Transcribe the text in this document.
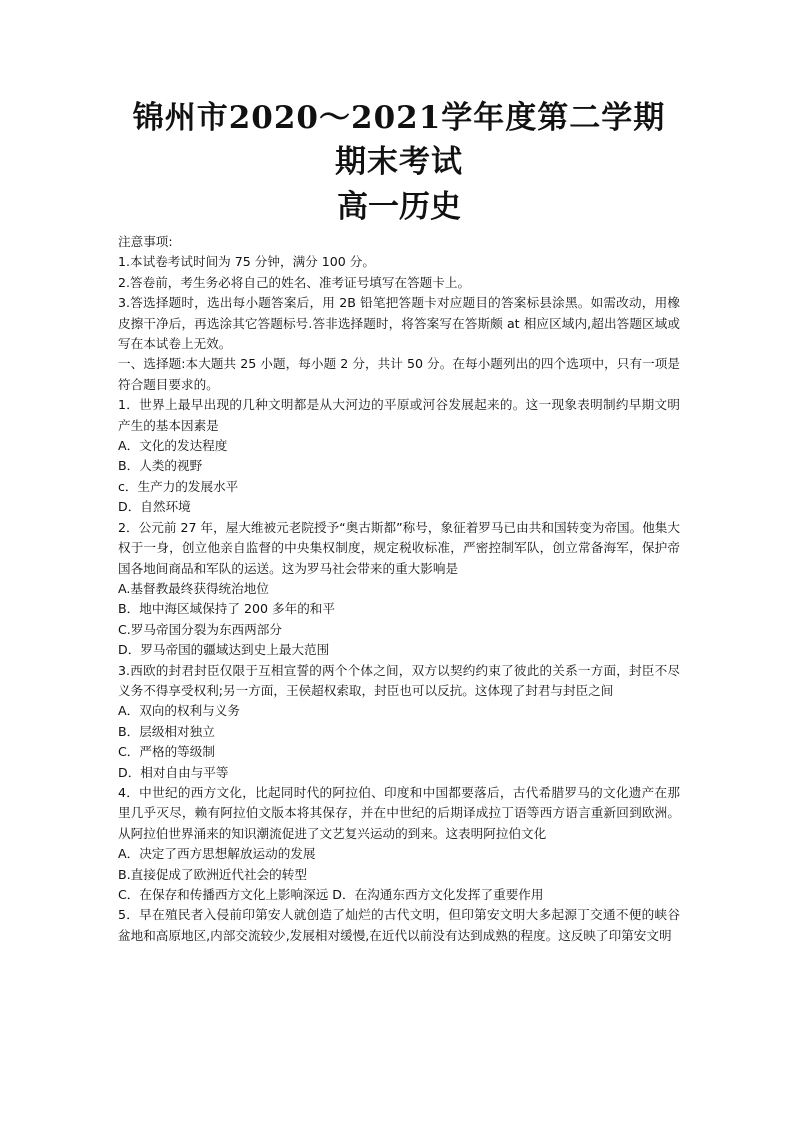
锦州市2020～2021学年度第二学期期末考试
高一历史

注意事项:

1.本试卷考试时间为 75 分钟，满分 100 分。

2.答卷前，考生务必将自己的姓名、准考证号填写在答题卡上。

3.答选择题时，选出每小题答案后，用 2B 铅笔把答题卡对应题目的答案标县涂黑。如需改动，用橡皮擦干净后，再选涂其它答题标号.答非选择题时，将答案写在答斯颇 at 相应区域内,超出答题区域或写在本试卷上无效。

一、选择题:本大题共 25 小题，每小题 2 分，共计 50 分。在每小题列出的四个选项中，只有一项是符合题目要求的。

1．世界上最早出现的几种文明都是从大河边的平原或河谷发展起来的。这一现象表明制约早期文明产生的基本因素是

A．文化的发达程度

B．人类的视野

c．生产力的发展水平

D．自然环境

2．公元前 27 年，屋大维被元老院授予“奥古斯都”称号，象征着罗马已由共和国转变为帝国。他集大权于一身，创立他亲自监督的中央集权制度，规定税收标准，严密控制军队，创立常备海军，保护帝国各地间商品和军队的运送。这为罗马社会带来的重大影响是

A.基督教最终获得统治地位

B．地中海区域保持了 200 多年的和平

C.罗马帝国分裂为东西两部分

D．罗马帝国的疆域达到史上最大范围

3.西欧的封君封臣仅限于互相宣誓的两个个体之间，双方以契约约束了彼此的关系一方面，封臣不尽义务不得享受权利;另一方面，王侯超权索取，封臣也可以反抗。这体现了封君与封臣之间

A．双向的权利与义务

B．层级相对独立

C．严格的等级制

D．相对自由与平等

4．中世纪的西方文化，比起同时代的阿拉伯、印度和中国都要落后，古代希腊罗马的文化遗产在那里几乎灭尽，赖有阿拉伯文版本将其保存，并在中世纪的后期译成拉丁语等西方语言重新回到欧洲。从阿拉伯世界涌来的知识潮流促进了文艺复兴运动的到来。这表明阿拉伯文化

A．决定了西方思想解放运动的发展

B.直接促成了欧洲近代社会的转型

C．在保存和传播西方文化上影响深远 D．在沟通东西方文化发挥了重要作用

5．早在殖民者入侵前印第安人就创造了灿烂的古代文明，但印第安文明大多起源丁交通不便的峡谷盆地和高原地区,内部交流较少,发展相对缓慢,在近代以前没有达到成熟的程度。这反映了印第安文明
